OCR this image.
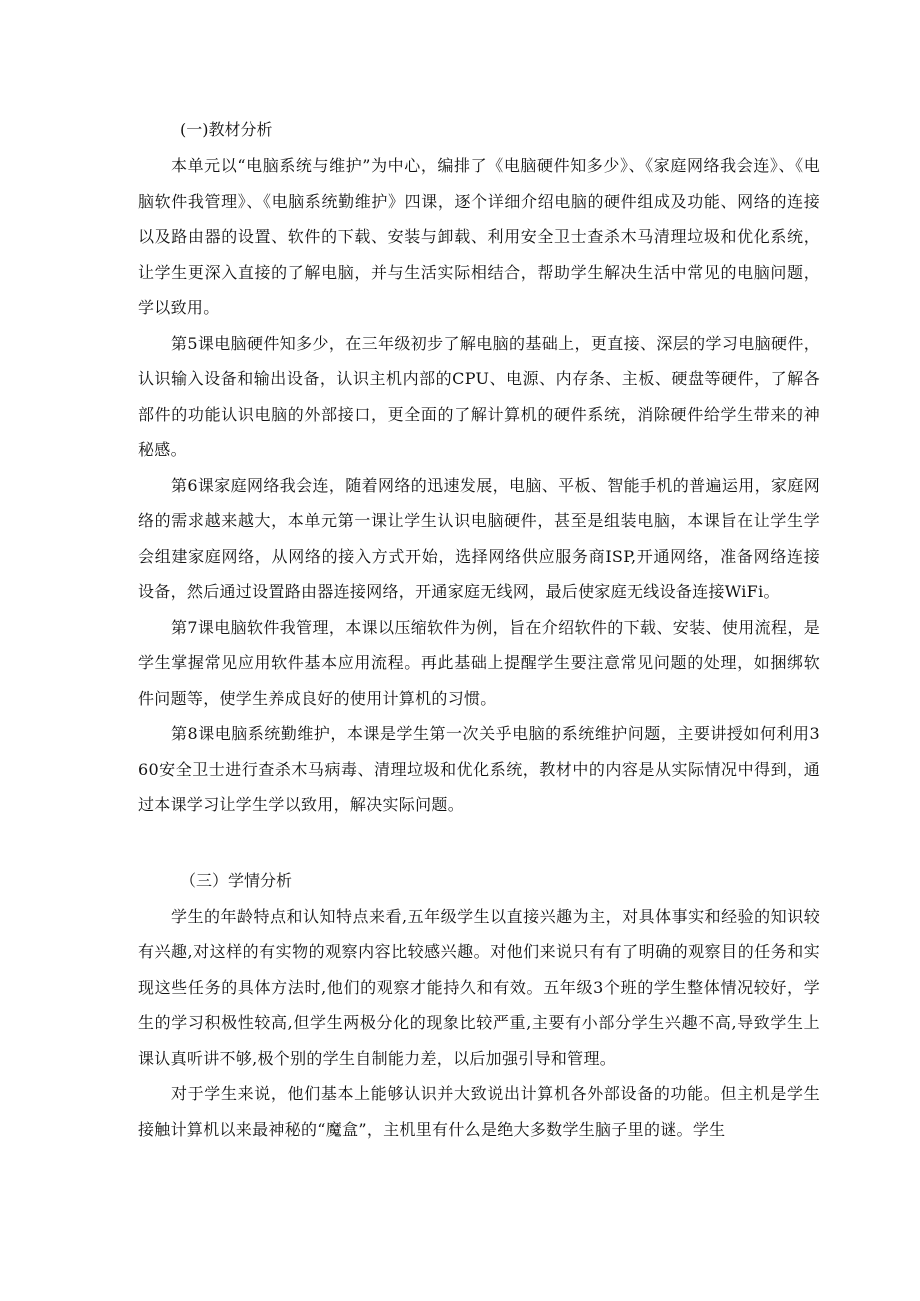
(一)教材分析

本单元以“电脑系统与维护”为中心，编排了《电脑硬件知多少》、《家庭网络我会连》、《电脑软件我管理》、《电脑系统勤维护》四课，逐个详细介绍电脑的硬件组成及功能、网络的连接以及路由器的设置、软件的下载、安装与卸载、利用安全卫士查杀木马清理垃圾和优化系统，让学生更深入直接的了解电脑，并与生活实际相结合，帮助学生解决生活中常见的电脑问题，学以致用。

第5课电脑硬件知多少，在三年级初步了解电脑的基础上，更直接、深层的学习电脑硬件，认识输入设备和输出设备，认识主机内部的CPU、电源、内存条、主板、硬盘等硬件，了解各部件的功能认识电脑的外部接口，更全面的了解计算机的硬件系统，消除硬件给学生带来的神秘感。

第6课家庭网络我会连，随着网络的迅速发展，电脑、平板、智能手机的普遍运用，家庭网络的需求越来越大，本单元第一课让学生认识电脑硬件，甚至是组装电脑，本课旨在让学生学会组建家庭网络，从网络的接入方式开始，选择网络供应服务商ISP,开通网络，准备网络连接设备，然后通过设置路由器连接网络，开通家庭无线网，最后使家庭无线设备连接WiFi。

第7课电脑软件我管理，本课以压缩软件为例，旨在介绍软件的下载、安装、使用流程，是学生掌握常见应用软件基本应用流程。再此基础上提醒学生要注意常见问题的处理，如捆绑软件问题等，使学生养成良好的使用计算机的习惯。

第8课电脑系统勤维护，本课是学生第一次关乎电脑的系统维护问题，主要讲授如何利用360安全卫士进行查杀木马病毒、清理垃圾和优化系统，教材中的内容是从实际情况中得到，通过本课学习让学生学以致用，解决实际问题。

（三）学情分析

学生的年龄特点和认知特点来看,五年级学生以直接兴趣为主，对具体事实和经验的知识较有兴趣,对这样的有实物的观察内容比较感兴趣。对他们来说只有有了明确的观察目的任务和实现这些任务的具体方法时,他们的观察才能持久和有效。五年级3个班的学生整体情况较好，学生的学习积极性较高,但学生两极分化的现象比较严重,主要有小部分学生兴趣不高,导致学生上课认真听讲不够,极个别的学生自制能力差，以后加强引导和管理。

对于学生来说，他们基本上能够认识并大致说出计算机各外部设备的功能。但主机是学生接触计算机以来最神秘的“魔盒”，主机里有什么是绝大多数学生脑子里的谜。学生
